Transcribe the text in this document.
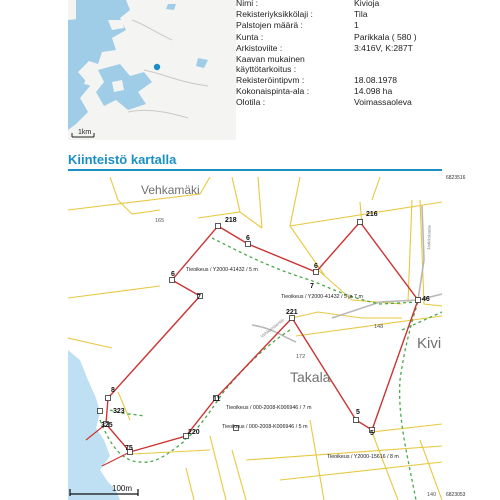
1km
Nimi :	Kivioja
Rekisteriyksikkölaji :	Tila
Palstojen määrä :	1
Kunta :	Parikkala ( 580 )
Arkistoviite :	3:416V, K:287T
Kaavan mukainen
käyttötarkoitus :
Rekisteröintipvm :	18.08.1978
Kokonaispinta-ala :	14.098 ha
Olotila :	Voimassaoleva
Kiinteistö kartalla
6823516
6823053
Vehkamäki
Takala
Kivi
165
148
172
140
218
6
6
6
7
7
216
46
221
8
323
325
75
220
11
5
5
Tieoikeus / Y2000-41432 / 5 m
Tieoikeus / Y2000-41432 / 5 ja 7 m
Tieoikeus / 000-2008-K006946 / 7 m
Tieoikeus / 000-2008-K006946 / 5 m
Tieoikeus / Y2000-15616 / 8 m
Vehkamäentie
Jaakkolantie
100m
